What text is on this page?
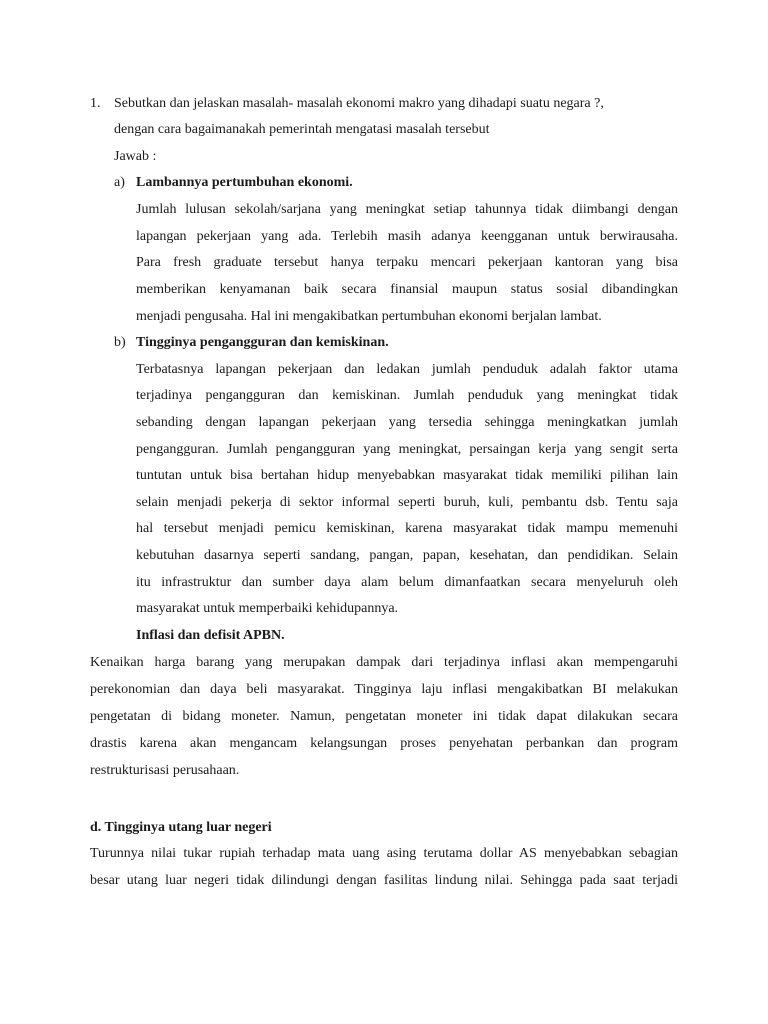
1. Sebutkan dan jelaskan masalah- masalah ekonomi makro yang dihadapi suatu negara ?,
dengan cara bagaimanakah pemerintah mengatasi masalah tersebut
Jawab :
a) Lambannya pertumbuhan ekonomi.
Jumlah lulusan sekolah/sarjana yang meningkat setiap tahunnya tidak diimbangi dengan
lapangan pekerjaan yang ada. Terlebih masih adanya keengganan untuk berwirausaha.
Para fresh graduate tersebut hanya terpaku mencari pekerjaan kantoran yang bisa
memberikan kenyamanan baik secara finansial maupun status sosial dibandingkan
menjadi pengusaha. Hal ini mengakibatkan pertumbuhan ekonomi berjalan lambat.
b) Tingginya pengangguran dan kemiskinan.
Terbatasnya lapangan pekerjaan dan ledakan jumlah penduduk adalah faktor utama
terjadinya pengangguran dan kemiskinan. Jumlah penduduk yang meningkat tidak
sebanding dengan lapangan pekerjaan yang tersedia sehingga meningkatkan jumlah
pengangguran. Jumlah pengangguran yang meningkat, persaingan kerja yang sengit serta
tuntutan untuk bisa bertahan hidup menyebabkan masyarakat tidak memiliki pilihan lain
selain menjadi pekerja di sektor informal seperti buruh, kuli, pembantu dsb. Tentu saja
hal tersebut menjadi pemicu kemiskinan, karena masyarakat tidak mampu memenuhi
kebutuhan dasarnya seperti sandang, pangan, papan, kesehatan, dan pendidikan. Selain
itu infrastruktur dan sumber daya alam belum dimanfaatkan secara menyeluruh oleh
masyarakat untuk memperbaiki kehidupannya.
Inflasi dan defisit APBN.
Kenaikan harga barang yang merupakan dampak dari terjadinya inflasi akan mempengaruhi
perekonomian dan daya beli masyarakat. Tingginya laju inflasi mengakibatkan BI melakukan
pengetatan di bidang moneter. Namun, pengetatan moneter ini tidak dapat dilakukan secara
drastis karena akan mengancam kelangsungan proses penyehatan perbankan dan program
restrukturisasi perusahaan.
d. Tingginya utang luar negeri
Turunnya nilai tukar rupiah terhadap mata uang asing terutama dollar AS menyebabkan sebagian
besar utang luar negeri tidak dilindungi dengan fasilitas lindung nilai. Sehingga pada saat terjadi
